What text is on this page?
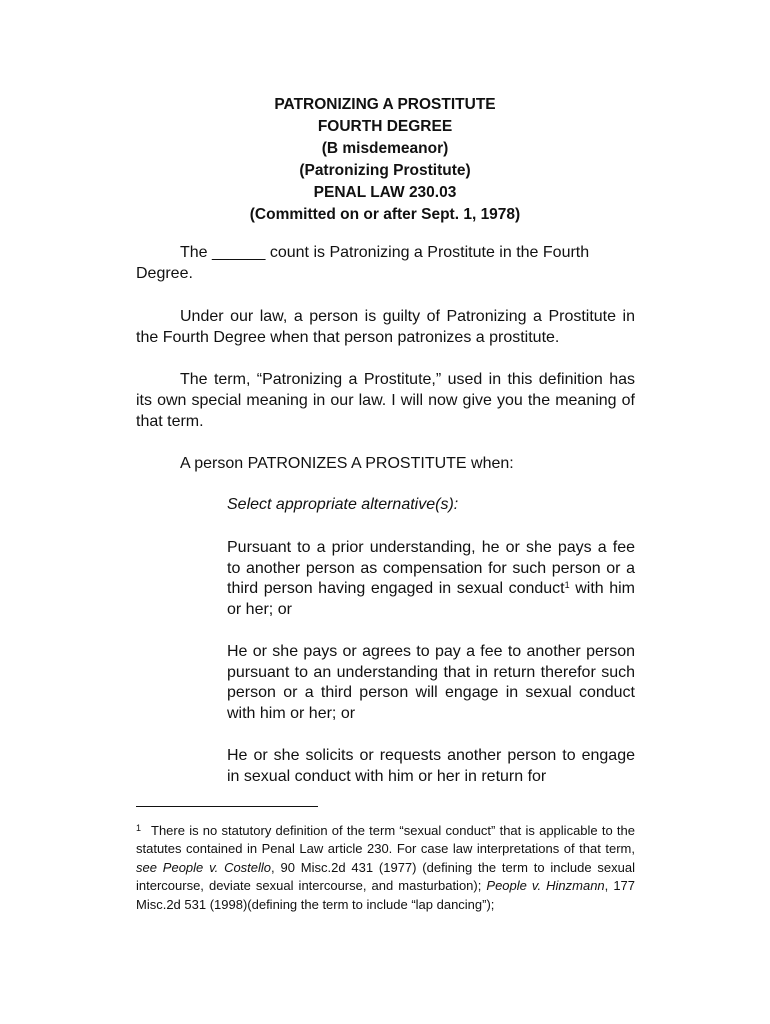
PATRONIZING A PROSTITUTE
FOURTH DEGREE
(B misdemeanor)
(Patronizing Prostitute)
PENAL LAW 230.03
(Committed on or after Sept. 1, 1978)
The ______ count is Patronizing a Prostitute in the Fourth
Degree.
Under our law, a person is guilty of Patronizing a Prostitute in the Fourth Degree when that person patronizes a prostitute.
The term, “Patronizing a Prostitute,” used in this definition has its own special meaning in our law. I will now give you the meaning of that term.
A person PATRONIZES A PROSTITUTE when:
Select appropriate alternative(s):
Pursuant to a prior understanding, he or she pays a fee to another person as compensation for such person or a third person having engaged in sexual conduct$^1$ with him or her; or
He or she pays or agrees to pay a fee to another person pursuant to an understanding that in return therefor such person or a third person will engage in sexual conduct with him or her; or
He or she solicits or requests another person to engage in sexual conduct with him or her in return for
$^1$ There is no statutory definition of the term “sexual conduct” that is applicable to the statutes contained in Penal Law article 230. For case law interpretations of that term, see People v. Costello, 90 Misc.2d 431 (1977) (defining the term to include sexual intercourse, deviate sexual intercourse, and masturbation); People v. Hinzmann, 177 Misc.2d 531 (1998)(defining the term to include “lap dancing”);
